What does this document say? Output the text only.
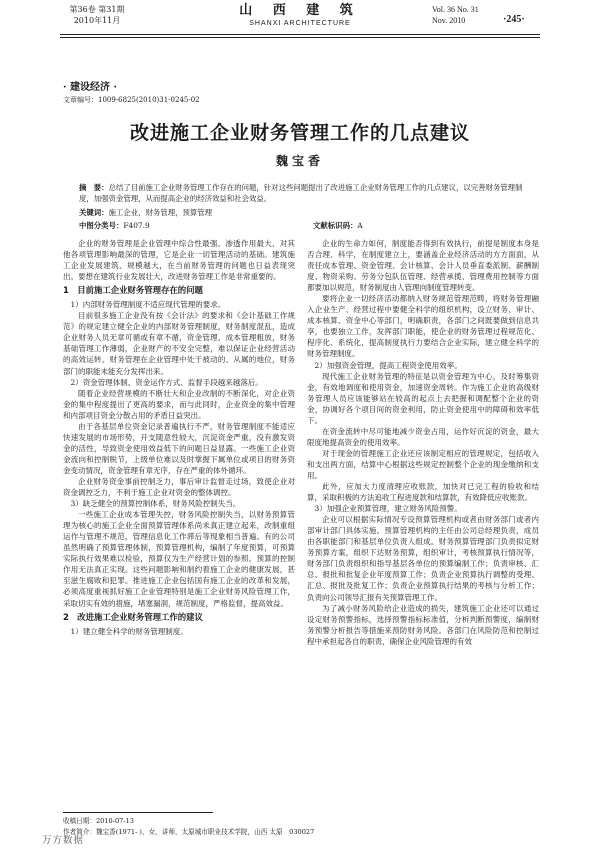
第36卷 第31期
2010年11月
山 西 建 筑
SHANXI ARCHITECTURE
Vol. 36 No. 31
Nov. 2010	·245·
· 建设经济 ·
文章编号：1009-6825(2010)31-0245-02
改进施工企业财务管理工作的几点建议
魏宝香
摘　要：总结了目前施工企业财务管理工作存在的问题，针对这些问题提出了改进施工企业财务管理工作的几点建议，以完善财务管理制度，加强资金管理，从而提高企业的经济效益和社会效益。
关键词：施工企业，财务管理，预算管理
中图分类号：F407.9	文献标识码：A

企业的财务管理是企业管理中综合性最强、渗透作用最大、对其他各项管理影响最深的管理，它是企业一切管理活动的基础。建筑施工企业发展建筑、规模越大，在当前财务管理的问题也日益表现突出。要想在建筑行业发展壮大，改进财务管理工作是非常重要的。

1　目前施工企业财务管理存在的问题

1）内部财务管理制度不适应现代管理的要求。

目前很多施工企业没有按《会计法》的要求和《会计基础工作规范》的规定建立健全企业的内部财务管理制度，财务制度混乱，造成企业财务人员无章可循或有章不循，资金管理、成本管理粗放，财务基础管理工作薄弱，企业财产的不安全完整，难以保证企业经营活动的高效运转。财务管理在企业管理中处于被动的、从属的地位，财务部门的职能未能充分发挥出来。

2）资金管理体制、资金运作方式、监督手段越来越落后。

随着企业经营规模的不断壮大和企业改制的不断深化，对企业资金的集中程度提出了更高的要求，而与此同时，企业资金的集中管理和内部项目资金分散占用的矛盾日益突出。

由于各基层单位资金记录普遍执行不严，财务管理制度不能适应快速发展的市场形势，开支随意性较大，沉淀资金严重，没有激发资金的活性，导致资金使用效益低下的问题日益显露。一些施工企业资金流向和控制脱节，上级单位难以及时掌握下属单位或项目的财务资金变动情况，资金管理有章无序，存在严重的体外循环。

企业财务资金事前控制乏力，事后审计监督走过场，致使企业对资金调控乏力，不利于施工企业对资金的整体调控。

3）缺乏健全的预算控制体系，财务风险控制失当。

一些施工企业成本管理失控，财务风险控制失当，以财务预算管理为核心的施工企业全面预算管理体系尚未真正建立起来，改制重组运作与管理不规范，管理信息化工作滞后等现象相当普遍。有的公司虽然明确了预算管理体制，预算管理机构，编制了年度预算，可预算实际执行效果难以检验，预算仅为生产经营计划的参照。预算的控制作用无法真正实现。这些问题影响和制约着施工企业的健康发展，甚至滋生腐败和犯罪。推进施工企业包括国有施工企业的改革和发展，必须高度重视抓好施工企业管理特别是施工企业财务风险管理工作，采取切实有效的措施，堵塞漏洞，规范制度，严格监督，提高效益。

2　改进施工企业财务管理工作的建议

1）建立健全科学的财务管理制度。

企业的生命力如何，制度能否得到有效执行，前提是制度本身是否合理、科学，在制度建立上，要涵盖企业经济活动的方方面面，从责任成本管理、资金管理、会计核算、会计人员垂直委派制、薪酬制度、物资采购、劳务分包队伍管理、经营承揽、管理费用控制等方面都要加以规范，财务制度由人管理向制度管理转变。

要将企业一切经济活动都纳入财务规范管理范畴，将财务管理融入企业生产、经营过程中要健全科学的组织机构，设立财务、审计、成本核算、资金中心等部门，明确职责，各部门之间既要做到信息共享，也要独立工作，发挥部门职能，使企业的财务管理过程规范化、程序化、系统化，提高制度执行力要结合企业实际，建立健全科学的财务管理制度。

2）加强资金管理，提高工程资金使用效率。

现代施工企业财务管理的特征是以资金管理为中心，及时筹集资金，有效地调度和使用资金，加速资金周转。作为施工企业的高级财务管理人员应该能够站在较高的起点上去把握和调配整个企业的资金，协调好各个项目间的资金利用，防止资金使用中的障碍和效率低下。

在资金流转中尽可能地减少资金占用，运作好沉淀的资金，最大限度地提高资金的使用效率。

对于现金的管理施工企业还应该制定相应的管理规定，包括收入和支出两方面，结算中心根据这些规定控制整个企业的现金缴纳和支用。

此外，应加大力度清理应收账款，加快对已完工程的验收和结算，采取积极的方法追收工程进度款和结算款，有效降低应收账款。

3）加强企业预算管理，建立财务风险预警。

企业可以根据实际情况专设预算管理机构或者由财务部门或者内部审计部门具体实施。预算管理机构的主任由公司总经理负责，成员由各职能部门和基层单位负责人组成。财务预算管理部门负责拟定财务预算方案，组织下达财务预算，组织审计，考核预算执行情况等，财务部门负责组织和指导基层各单位的预算编制工作；负责审核、汇总、报批和批复企业年度预算工作；负责企业预算执行调整的受理、汇总、报批及批复工作；负责企业预算执行结果的考核与分析工作；负责向公司领导汇报有关预算管理工作。

为了减小财务风险给企业造成的损失，建筑施工企业还可以通过设定财务预警指标，选择预警指标标准值，分析判断预警度，编制财务预警分析报告等措施来预防财务风险。各部门在风险防范和控制过程中承担起各自的职责，确保企业风险管理的有效

收稿日期：2010-07-13
作者简介：魏宝香(1971- )，女，讲师，太原城市职业技术学院，山西 太原　030027
万方数据
